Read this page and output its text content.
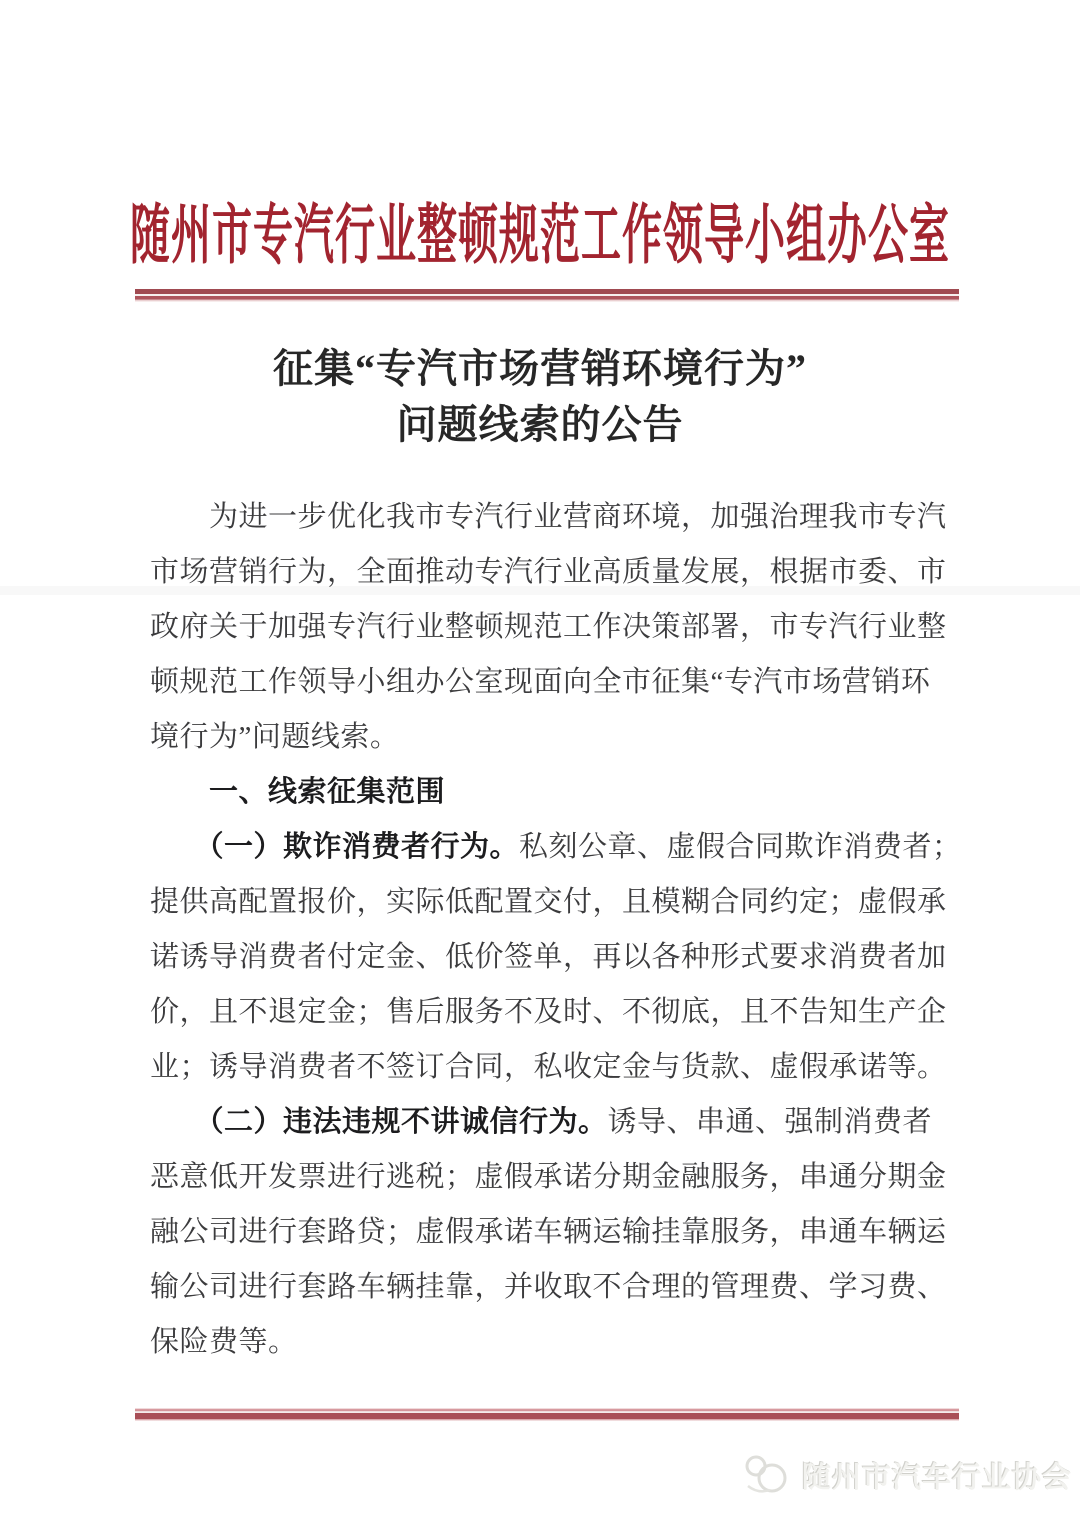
随州市专汽行业整顿规范工作领导小组办公室
征集“专汽市场营销环境行为”
问题线索的公告
　　为进一步优化我市专汽行业营商环境，加强治理我市专汽
市场营销行为，全面推动专汽行业高质量发展，根据市委、市
政府关于加强专汽行业整顿规范工作决策部署，市专汽行业整
顿规范工作领导小组办公室现面向全市征集“专汽市场营销环
境行为”问题线索。
　　一、线索征集范围
　　（一）欺诈消费者行为。私刻公章、虚假合同欺诈消费者；
提供高配置报价，实际低配置交付，且模糊合同约定；虚假承
诺诱导消费者付定金、低价签单，再以各种形式要求消费者加
价，且不退定金；售后服务不及时、不彻底，且不告知生产企
业；诱导消费者不签订合同，私收定金与货款、虚假承诺等。
　　（二）违法违规不讲诚信行为。诱导、串通、强制消费者
恶意低开发票进行逃税；虚假承诺分期金融服务，串通分期金
融公司进行套路贷；虚假承诺车辆运输挂靠服务，串通车辆运
输公司进行套路车辆挂靠，并收取不合理的管理费、学习费、
保险费等。
随州市汽车行业协会
